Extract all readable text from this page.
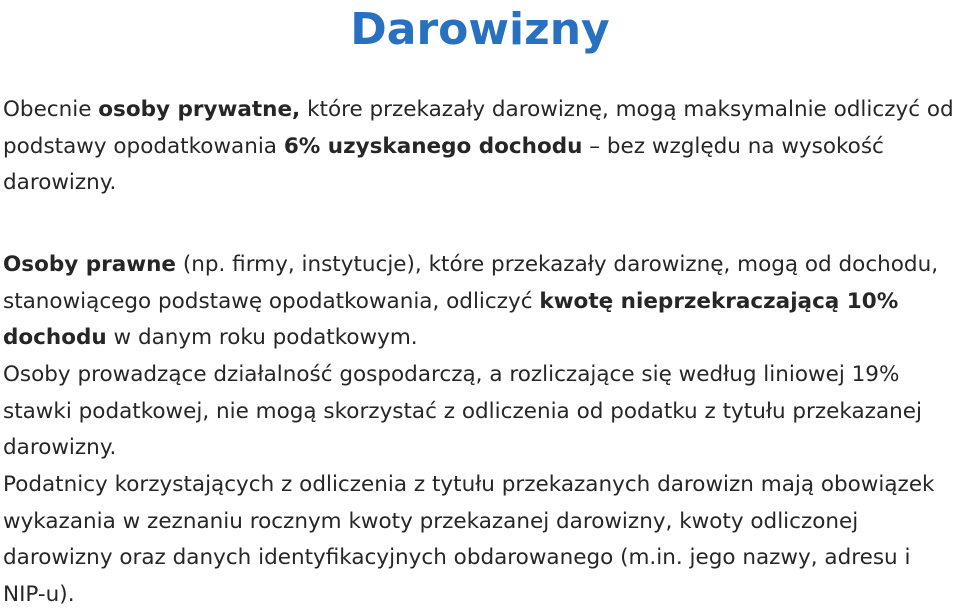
Darowizny

Obecnie osoby prywatne, które przekazały darowiznę, mogą maksymalnie odliczyć od podstawy opodatkowania 6% uzyskanego dochodu – bez względu na wysokość darowizny.

Osoby prawne (np. firmy, instytucje), które przekazały darowiznę, mogą od dochodu, stanowiącego podstawę opodatkowania, odliczyć kwotę nieprzekraczającą 10% dochodu w danym roku podatkowym.

Osoby prowadzące działalność gospodarczą, a rozliczające się według liniowej 19% stawki podatkowej, nie mogą skorzystać z odliczenia od podatku z tytułu przekazanej darowizny.

Podatnicy korzystających z odliczenia z tytułu przekazanych darowizn mają obowiązek wykazania w zeznaniu rocznym kwoty przekazanej darowizny, kwoty odliczonej darowizny oraz danych identyfikacyjnych obdarowanego (m.in. jego nazwy, adresu i NIP-u).
